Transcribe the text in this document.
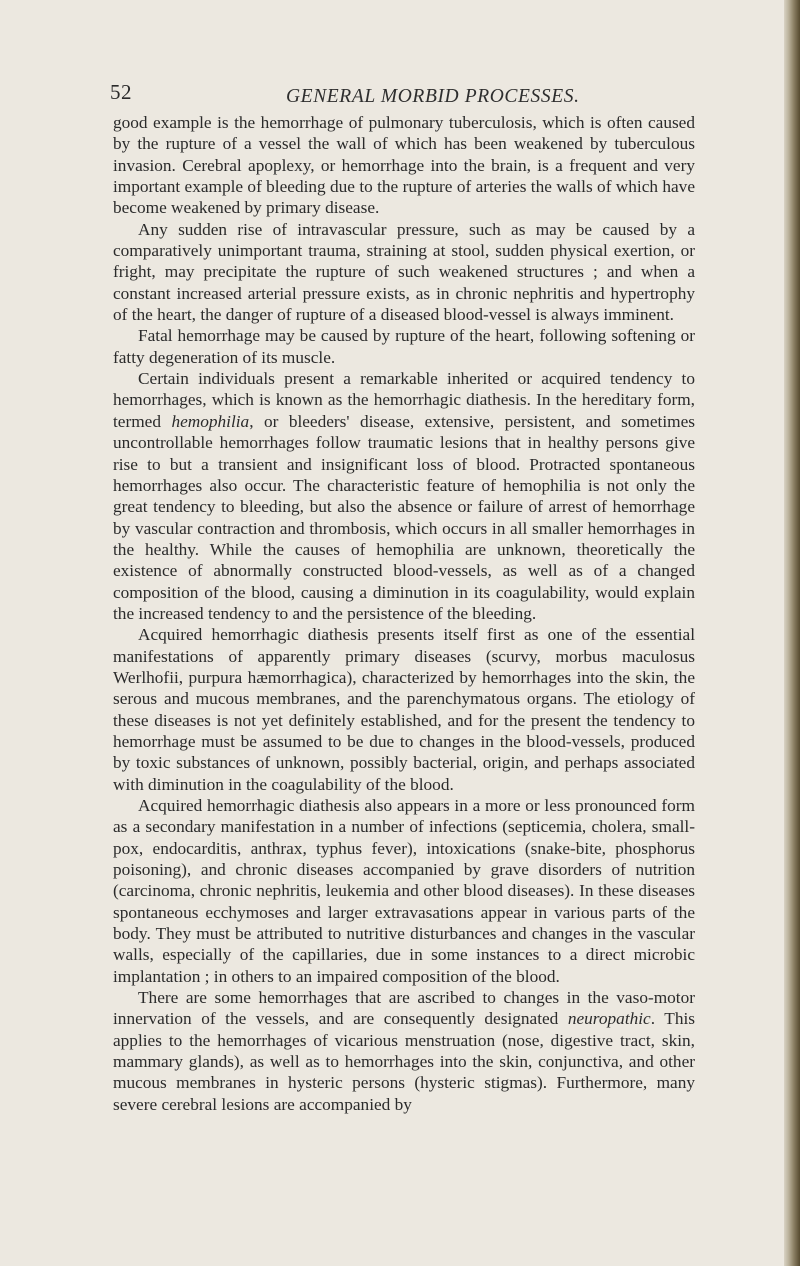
52	GENERAL MORBID PROCESSES.

good example is the hemorrhage of pulmonary tuberculosis, which is often caused by the rupture of a vessel the wall of which has been weakened by tuberculous invasion. Cerebral apoplexy, or hemorrhage into the brain, is a frequent and very important example of bleeding due to the rupture of arteries the walls of which have become weakened by primary disease.

Any sudden rise of intravascular pressure, such as may be caused by a comparatively unimportant trauma, straining at stool, sudden physical exertion, or fright, may precipitate the rupture of such weakened structures ; and when a constant increased arterial pressure exists, as in chronic nephritis and hypertrophy of the heart, the danger of rupture of a diseased blood-vessel is always imminent.

Fatal hemorrhage may be caused by rupture of the heart, following softening or fatty degeneration of its muscle.

Certain individuals present a remarkable inherited or acquired tendency to hemorrhages, which is known as the hemorrhagic diathesis. In the hereditary form, termed hemophilia, or bleeders' disease, extensive, persistent, and sometimes uncontrollable hemorrhages follow traumatic lesions that in healthy persons give rise to but a transient and insignificant loss of blood. Protracted spontaneous hemorrhages also occur. The characteristic feature of hemophilia is not only the great tendency to bleeding, but also the absence or failure of arrest of hemorrhage by vascular contraction and thrombosis, which occurs in all smaller hemorrhages in the healthy. While the causes of hemophilia are unknown, theoretically the existence of abnormally constructed blood-vessels, as well as of a changed composition of the blood, causing a diminution in its coagulability, would explain the increased tendency to and the persistence of the bleeding.

Acquired hemorrhagic diathesis presents itself first as one of the essential manifestations of apparently primary diseases (scurvy, morbus maculosus Werlhofii, purpura hæmorrhagica), characterized by hemorrhages into the skin, the serous and mucous membranes, and the parenchymatous organs. The etiology of these diseases is not yet definitely established, and for the present the tendency to hemorrhage must be assumed to be due to changes in the blood-vessels, produced by toxic substances of unknown, possibly bacterial, origin, and perhaps associated with diminution in the coagulability of the blood.

Acquired hemorrhagic diathesis also appears in a more or less pronounced form as a secondary manifestation in a number of infections (septicemia, cholera, small-pox, endocarditis, anthrax, typhus fever), intoxications (snake-bite, phosphorus poisoning), and chronic diseases accompanied by grave disorders of nutrition (carcinoma, chronic nephritis, leukemia and other blood diseases). In these diseases spontaneous ecchymoses and larger extravasations appear in various parts of the body. They must be attributed to nutritive disturbances and changes in the vascular walls, especially of the capillaries, due in some instances to a direct microbic implantation ; in others to an impaired composition of the blood.

There are some hemorrhages that are ascribed to changes in the vaso-motor innervation of the vessels, and are consequently designated neuropathic. This applies to the hemorrhages of vicarious menstruation (nose, digestive tract, skin, mammary glands), as well as to hemorrhages into the skin, conjunctiva, and other mucous membranes in hysteric persons (hysteric stigmas). Furthermore, many severe cerebral lesions are accompanied by
